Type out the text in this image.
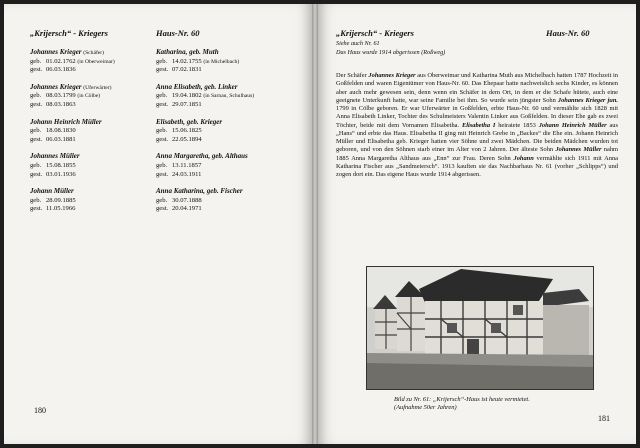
„Krijersch“ - Kriegers	Haus-Nr. 60
Johannes Krieger (Schäfer)
geb. 01.02.1762 (in Oberweimar)
gest. 06.03.1836
Johannes Krieger (Uferwärter)
geb. 08.03.1799 (in Cölbe)
gest. 08.03.1863
Johann Heinrich Müller
geb. 18.08.1830
gest. 06.03.1881
Johannes Müller
geb. 15.08.1855
gest. 03.01.1936
Johann Müller
geb. 28.09.1885
gest. 11.05.1966
Katharina, geb. Muth
geb. 14.02.1755 (in Michelbach)
gest. 07.02.1831
Anna Elisabeth, geb. Linker
geb. 19.04.1802 (in Sarnau, Schulhaus)
gest. 29.07.1851
Elisabeth, geb. Krieger
geb. 15.06.1825
gest. 22.05.1894
Anna Margaretha, geb. Althaus
geb. 13.11.1857
gest. 24.03.1911
Anna Katharina, geb. Fischer
geb. 30.07.1888
gest. 20.04.1971
180
„Krijersch“ - Kriegers	Haus-Nr. 60
Siehe auch Nr. 61
Das Haus wurde 1914 abgerissen (Roßweg)

Der Schäfer Johannes Krieger aus Oberweimar und Katharina Muth aus Michelbach hatten 1787 Hochzeit in Goßfelden und waren Eigentümer von Haus-Nr. 60. Das Ehepaar hatte nachweislich sechs Kinder, es können aber auch mehr gewesen sein, denn wenn ein Schäfer in dem Ort, in dem er die Schafe hütete, auch eine geeignete Unterkunft hatte, war seine Familie bei ihm. So wurde sein jüngster Sohn Johannes Krieger jun. 1799 in Cölbe geboren. Er war Uferwärter in Goßfelden, erbte Haus-Nr. 60 und vermählte sich 1828 mit Anna Elisabeth Linker, Tochter des Schulmeisters Valentin Linker aus Goßfelden. In dieser Ehe gab es zwei Töchter, beide mit dem Vornamen Elisabetha. Elisabetha I heiratete 1853 Johann Heinrich Müller aus „Hans“ und erbte das Haus. Elisabetha II ging mit Heinrich Grebe in „Backes“ die Ehe ein. Johann Heinrich Müller und Elisabetha geb. Krieger hatten vier Söhne und zwei Mädchen. Die beiden Mädchen wurden tot geboren, und von den Söhnen starb einer im Alter von 2 Jahren. Der älteste Sohn Johannes Müller nahm 1885 Anna Margaretha Althaus aus „Enn“ zur Frau. Deren Sohn Johann vermählte sich 1911 mit Anna Katharina Fischer aus „Sandmeiersch“. 1913 kauften sie das Nachbarhaus Nr. 61 (vorher „Schlipps“) und zogen dort ein. Das eigene Haus wurde 1914 abgerissen.

Bild zu Nr. 61: „Krijersch“-Haus ist heute vermietet.
(Aufnahme 50er Jahren)
181
